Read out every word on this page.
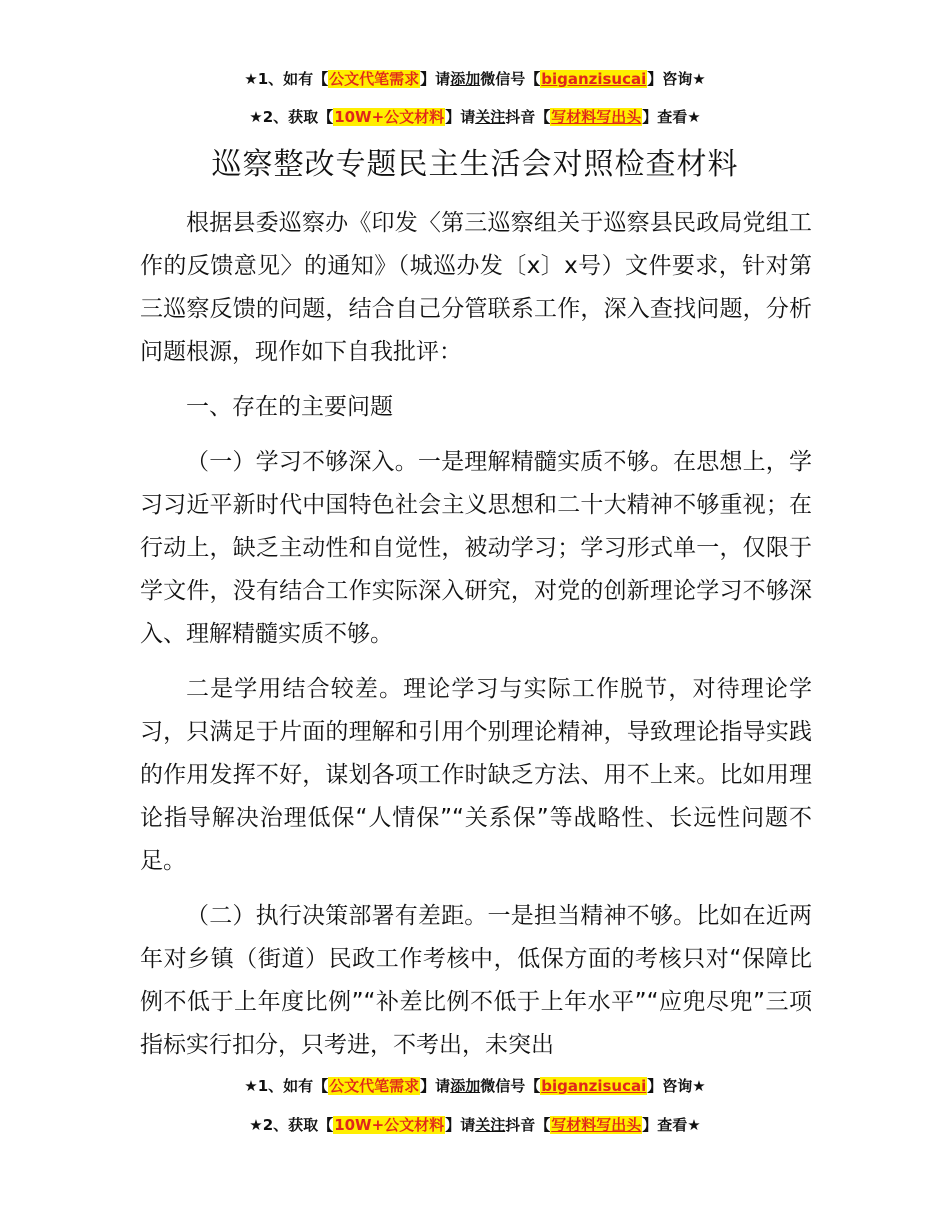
★1、如有【公文代笔需求】请添加微信号【biganzisucai】咨询★
★2、获取【10W+公文材料】请关注抖音【写材料写出头】查看★
巡察整改专题民主生活会对照检查材料

根据县委巡察办《印发〈第三巡察组关于巡察县民政局党组工作的反馈意见〉的通知》（城巡办发〔x〕x号）文件要求，针对第三巡察反馈的问题，结合自己分管联系工作，深入查找问题，分析问题根源，现作如下自我批评：

一、存在的主要问题

（一）学习不够深入。一是理解精髓实质不够。在思想上，学习习近平新时代中国特色社会主义思想和二十大精神不够重视；在行动上，缺乏主动性和自觉性，被动学习；学习形式单一，仅限于学文件，没有结合工作实际深入研究，对党的创新理论学习不够深入、理解精髓实质不够。

二是学用结合较差。理论学习与实际工作脱节，对待理论学习，只满足于片面的理解和引用个别理论精神，导致理论指导实践的作用发挥不好，谋划各项工作时缺乏方法、用不上来。比如用理论指导解决治理低保“人情保”“关系保”等战略性、长远性问题不足。

（二）执行决策部署有差距。一是担当精神不够。比如在近两年对乡镇（街道）民政工作考核中，低保方面的考核只对“保障比例不低于上年度比例”“补差比例不低于上年水平”“应兜尽兜”三项指标实行扣分，只考进，不考出，未突出

★1、如有【公文代笔需求】请添加微信号【biganzisucai】咨询★
★2、获取【10W+公文材料】请关注抖音【写材料写出头】查看★
